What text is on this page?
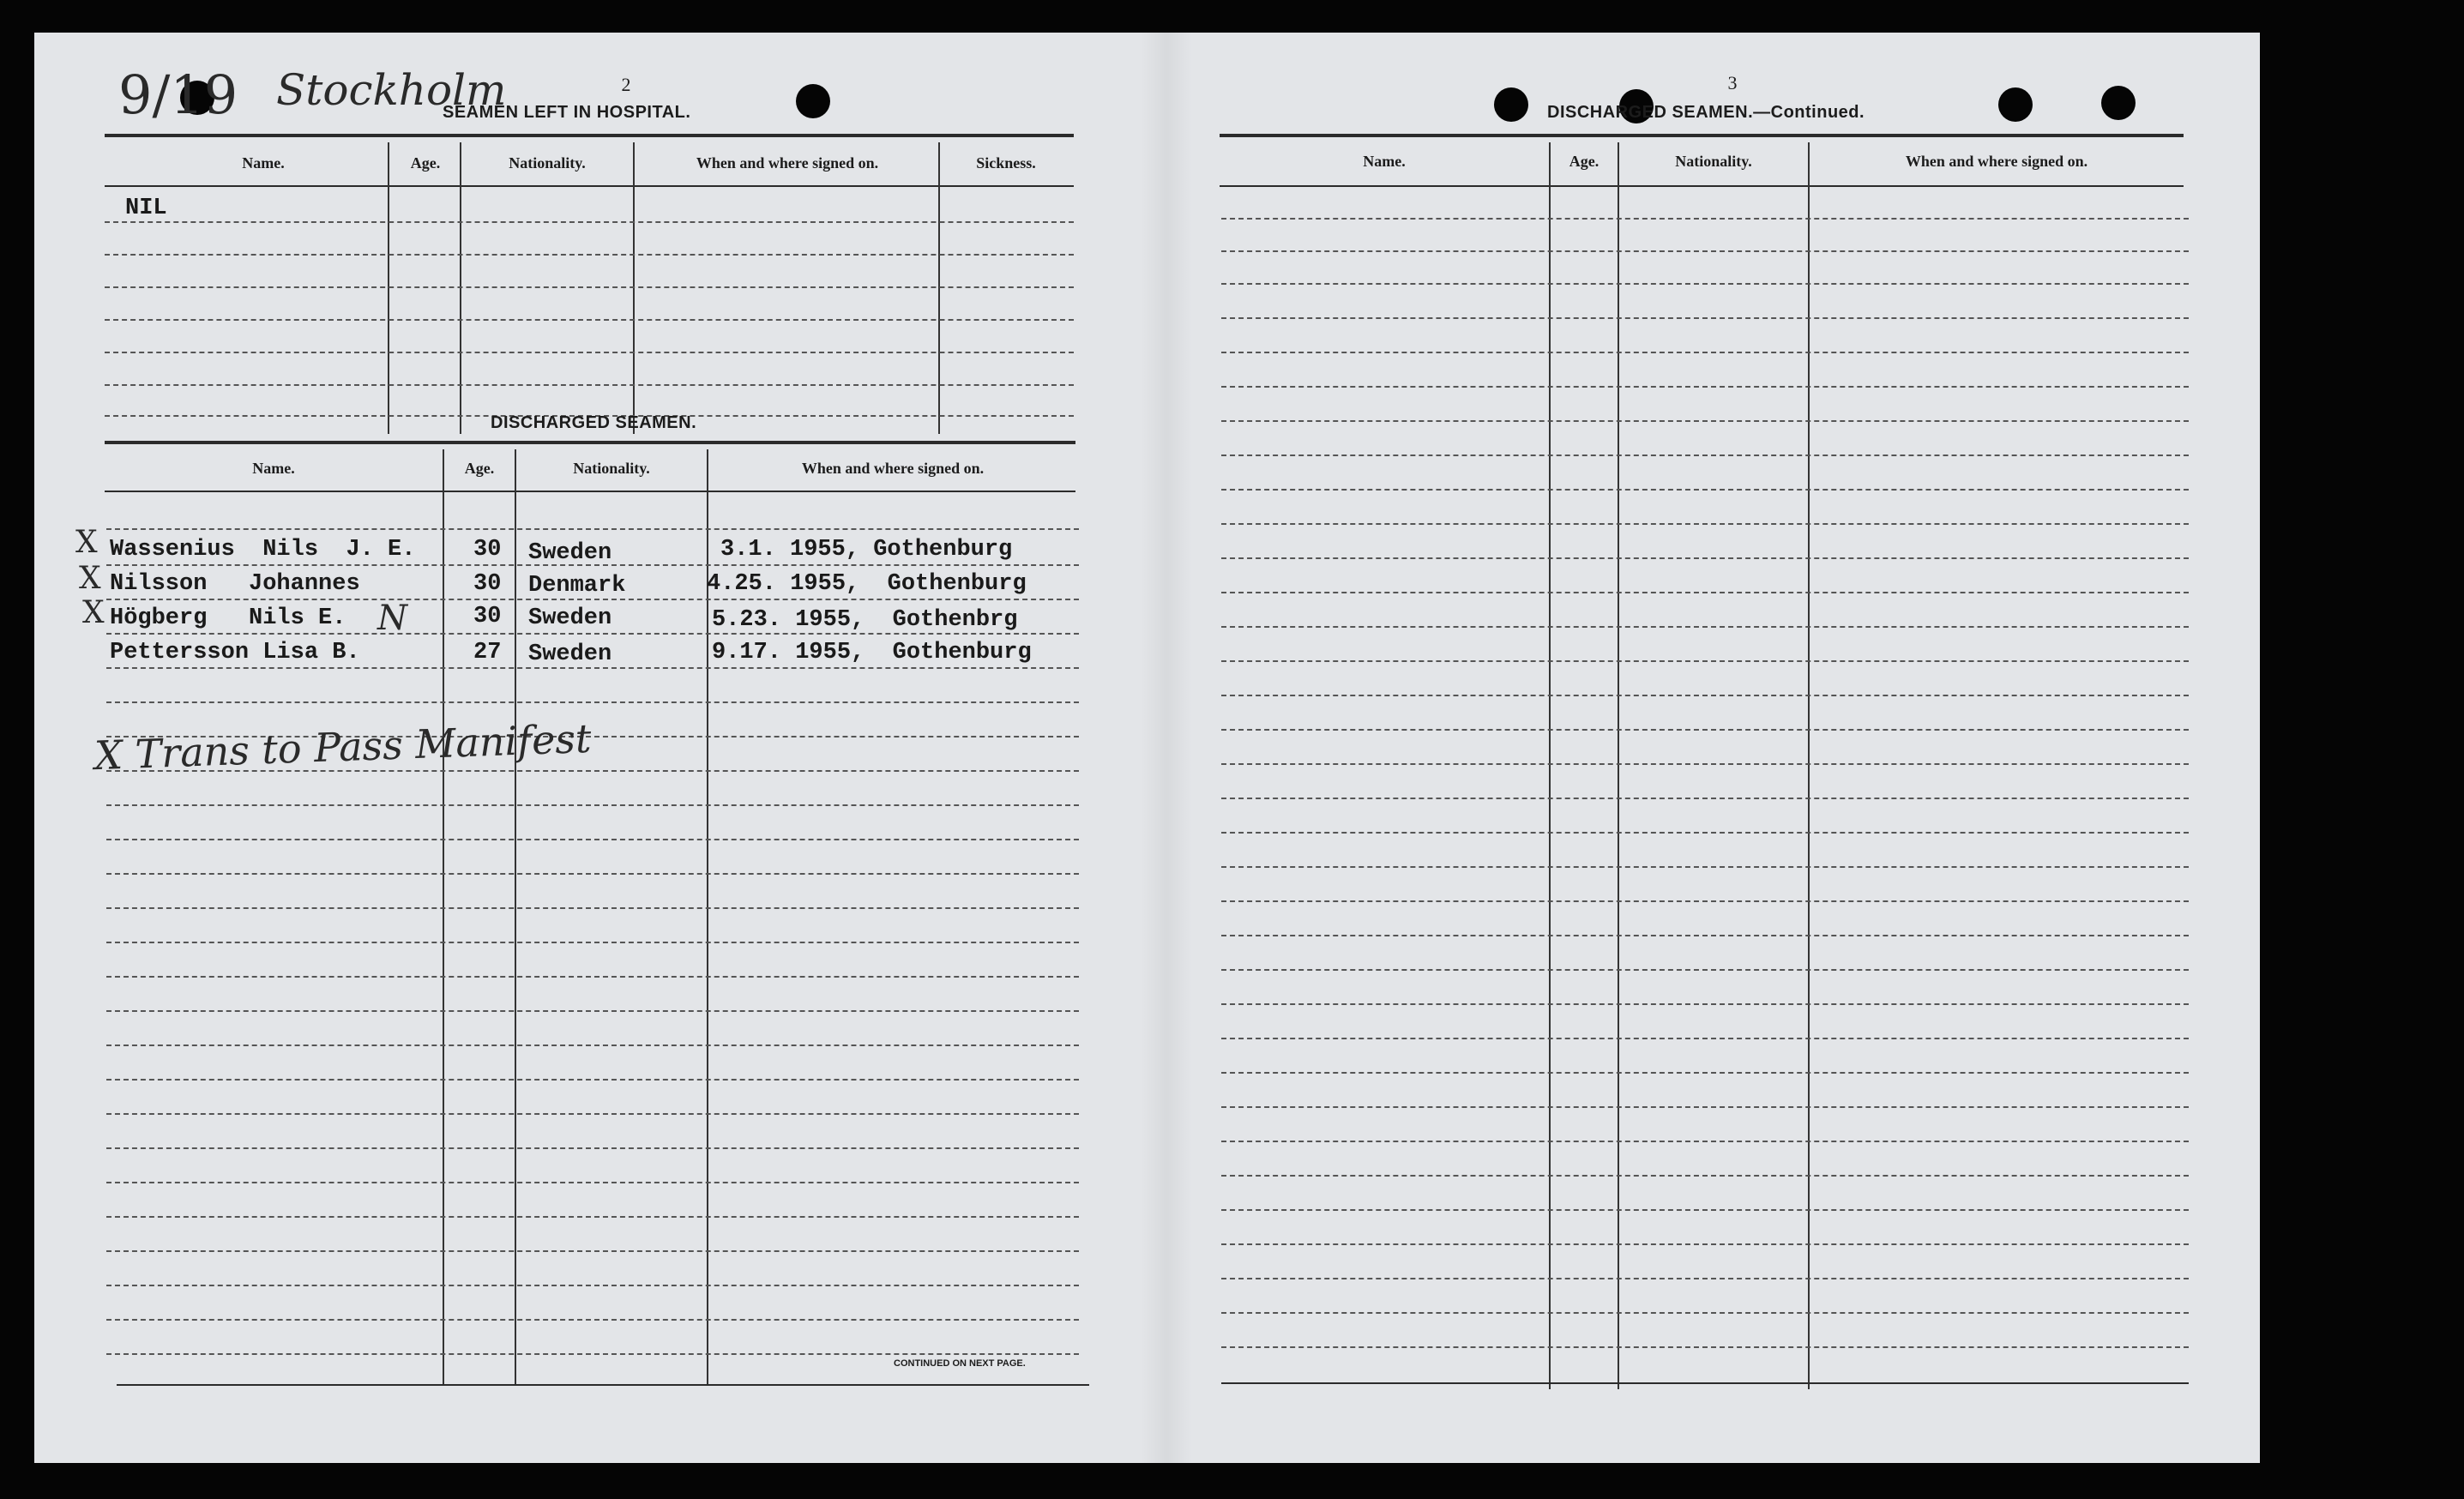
9/19 Stockholm	2
SEAMEN LEFT IN HOSPITAL.
Name.	Age.	Nationality.	When and where signed on.	Sickness.
NIL
DISCHARGED SEAMEN.
Name.	Age.	Nationality.	When and where signed on.
X Wassenius  Nils  J. E.	30 Sweden	3.1. 1955, Gothenburg
X Nilsson   Johannes	30 Denmark	4.25. 1955,  Gothenburg
X Högberg   Nils E.	30 Sweden	5.23. 1955,  Gothenbrg
N
Pettersson Lisa B.	27 Sweden	9.17. 1955,  Gothenburg
X Trans to Pass Manifest
CONTINUED ON NEXT PAGE.
3
DISCHARGED SEAMEN.—Continued.
Name.	Age.	Nationality.	When and where signed on.
